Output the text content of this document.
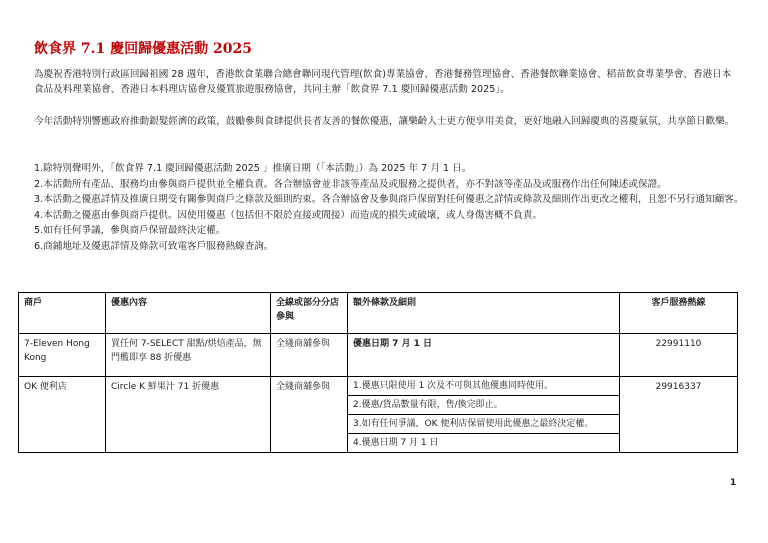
飲食界 7.1 慶回歸優惠活動 2025
為慶祝香港特別行政區回歸祖國 28 週年，香港飲食業聯合總會聯同現代管理(飲食)專業協會、香港餐務管理協會、香港餐飲聯業協會、稻苗飲食專業學會、香港日本食品及料理業協會、香港日本料理店協會及優質旅遊服務協會，共同主辦「飲食界 7.1 慶回歸優惠活動 2025」。
今年活動特別響應政府推動銀髮經濟的政策，鼓勵參與食肆提供長者友善的餐飲優惠，讓樂齡人士更方便享用美食，更好地融入回歸慶典的喜慶氣氛，共享節日歡樂。
1.除特別聲明外，「飲食界 7.1 慶回歸優惠活動 2025 」推廣日期（「本活動」）為 2025 年 7 月 1 日。
2.本活動所有產品、服務均由參與商戶提供並全權負責。各合辦協會並非該等產品及或服務之提供者，亦不對該等產品及或服務作出任何陳述或保證。
3.本活動之優惠詳情及推廣日期受有關參與商戶之條款及細則約束。各合辦協會及參與商戶保留對任何優惠之詳情或條款及細則作出更改之權利，且恕不另行通知顧客。
4.本活動之優惠由參與商戶提供。因使用優惠（包括但不限於直接或間接）而造成的損失或破壞，或人身傷害概不負責。
5.如有任何爭議，參與商戶保留最終決定權。
6.商鋪地址及優惠詳情及條款可致電客戶服務熱線查詢。
商戶	優惠內容	全線或部分分店參與	額外條款及細則	客戶服務熱線
7-Eleven Hong Kong	買任何 7-SELECT 甜點/烘焙產品，無門檻即享 88 折優惠	全綫商舖參與	優惠日期 7 月 1 日	22991110
OK 便利店	Circle K 鮮果汁 71 折優惠	全綫商舖參與	1.優惠只限使用 1 次及不可與其他優惠同時使用。
2.優惠/貨品數量有限，售/換完即止。
3.如有任何爭議，OK 便利店保留使用此優惠之最終決定權。
4.優惠日期 7 月 1 日	29916337
1
